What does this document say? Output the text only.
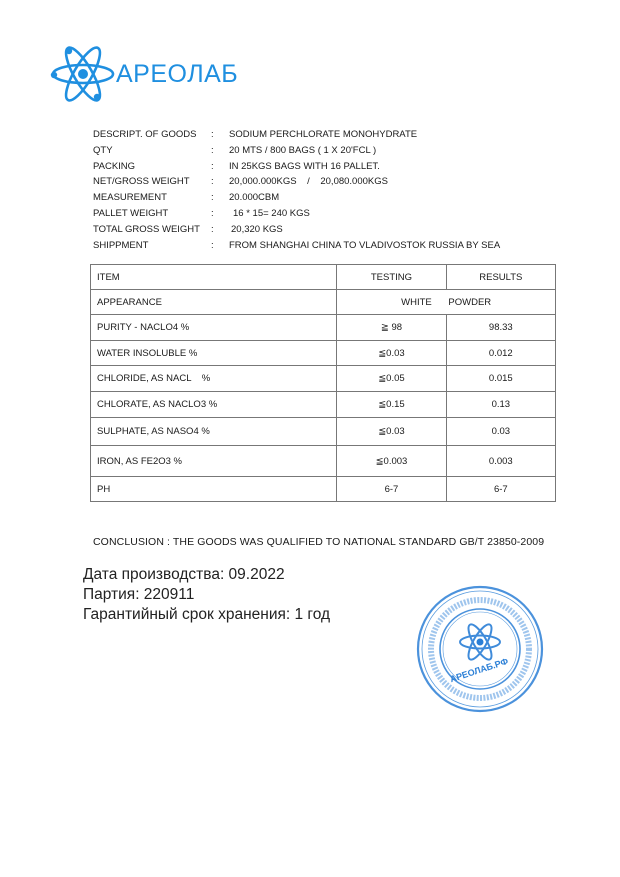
АРЕОЛАБ
DESCRIPT. OF GOODS : SODIUM PERCHLORATE MONOHYDRATE
QTY	: 20 MTS / 800 BAGS ( 1 X 20'FCL )
PACKING	: IN 25KGS BAGS WITH 16 PALLET.
NET/GROSS WEIGHT : 20,000.000KGS    /    20,080.000KGS
MEASUREMENT	: 20.000CBM
PALLET WEIGHT	: 16 * 15= 240 KGS
TOTAL GROSS WEIGHT : 20,320 KGS
SHIPPMENT	: FROM SHANGHAI CHINA TO VLADIVOSTOK RUSSIA BY SEA
ITEM	TESTING	RESULTS
APPEARANCE	WHITE POWDER	
PURITY - NACLO4 %	≧ 98	98.33
WATER INSOLUBLE %	≦0.03	0.012
CHLORIDE, AS NACL    %	≦0.05	0.015
CHLORATE, AS NACLO3 %	≦0.15	0.13
SULPHATE, AS NASO4 %	≦0.03	0.03
IRON, AS FE2O3 %	≦0.003	0.003
PH	6-7	6-7
CONCLUSION : THE GOODS WAS QUALIFIED TO NATIONAL STANDARD GB/T 23850-2009
Дата производства: 09.2022
Партия: 220911
Гарантийный срок хранения: 1 год
АРЕОЛАБ.РФ
